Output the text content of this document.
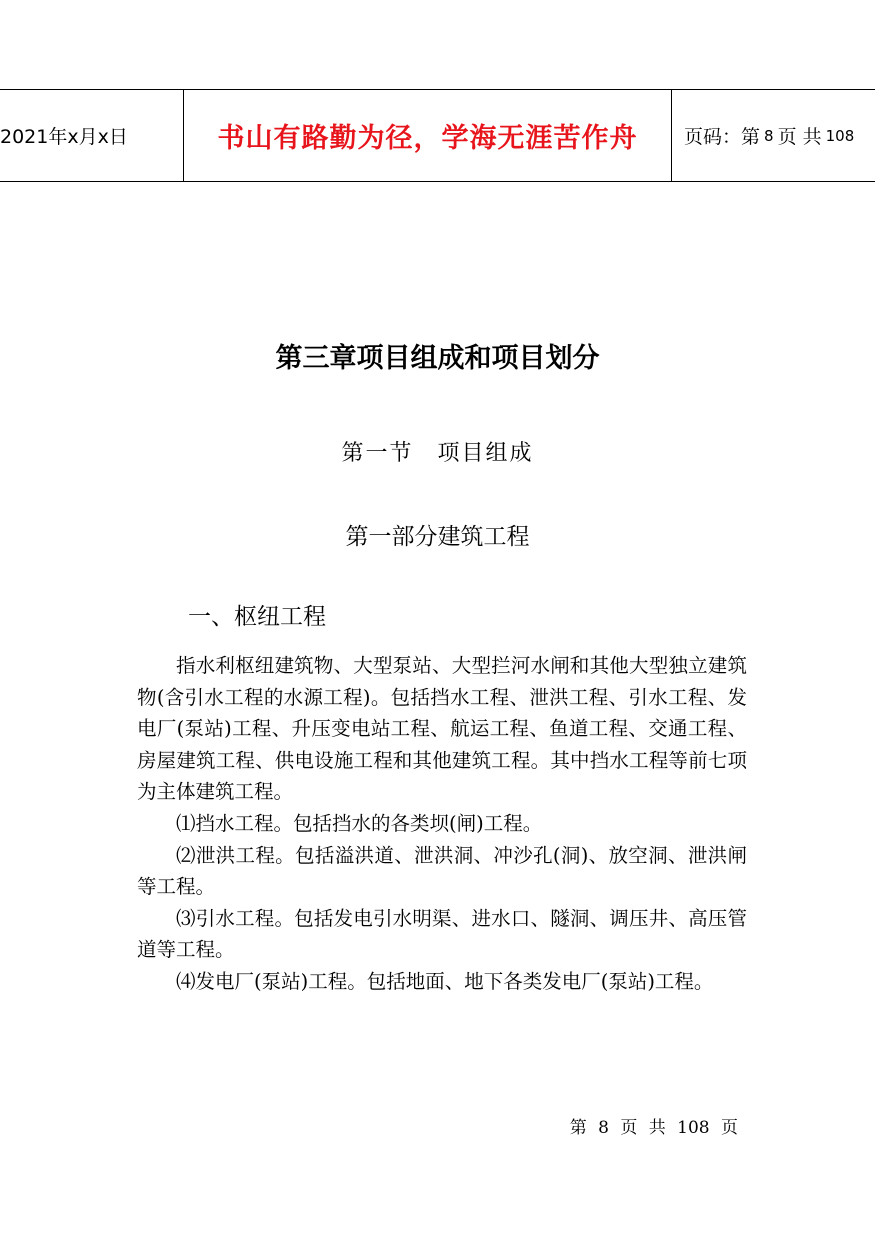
2021年x月x日	书山有路勤为径，学海无涯苦作舟	页码：第 8 页 共 108
第三章项目组成和项目划分
第一节　项目组成
第一部分建筑工程
一、枢纽工程

指水利枢纽建筑物、大型泵站、大型拦河水闸和其他大型独立建筑物(含引水工程的水源工程)。包括挡水工程、泄洪工程、引水工程、发电厂(泵站)工程、升压变电站工程、航运工程、鱼道工程、交通工程、房屋建筑工程、供电设施工程和其他建筑工程。其中挡水工程等前七项为主体建筑工程。

⑴挡水工程。包括挡水的各类坝(闸)工程。

⑵泄洪工程。包括溢洪道、泄洪洞、冲沙孔(洞)、放空洞、泄洪闸等工程。

⑶引水工程。包括发电引水明渠、进水口、隧洞、调压井、高压管道等工程。

⑷发电厂(泵站)工程。包括地面、地下各类发电厂(泵站)工程。

第 8 页 共 108 页
